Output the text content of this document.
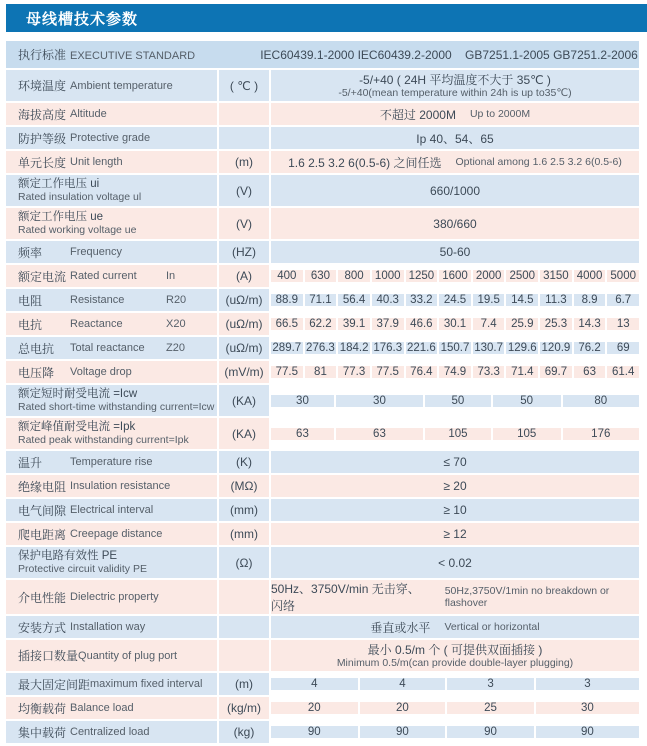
母线槽技术参数
执行标准 EXECUTIVE STANDARD	IEC60439.1-2000 IEC60439.2-2000    GB7251.1-2005 GB7251.2-2006
环境温度 Ambient temperature	( ℃ )	-5/+40 ( 24H 平均温度不大于 35℃ )
-5/+40(mean temperature within 24h is up to35℃)
海拔高度 Altitude	不超过 2000M Up to 2000M
防护等级 Protective grade	Ip 40、54、65
单元长度 Unit length	(m)	1.6 2.5 3.2 6(0.5-6) 之间任选 Optional among 1.6 2.5 3.2 6(0.5-6)
额定工作电压 ui
Rated insulation voltage ul	(V)	660/1000
额定工作电压 ue
Rated working voltage ue	(V)	380/660
频率	Frequency	(HZ)	50-60
额定电流 Rated current	In	(A)	400	630	800 1000 1250 1600 2000 2500 3150 4000 5000
电阻	Resistance	R20	(uΩ/m)	88.9 71.1 56.4 40.3 33.2 24.5 19.5 14.5	11.3	8.9	6.7
电抗	Reactance	X20	(uΩ/m)	66.5 62.2 39.1 37.9 46.6 30.1	7.4	25.9 25.3 14.3	13
总电抗	Total reactance Z20	(uΩ/m) 289.7 276.3 184.2 176.3 221.6 150.7 130.7 129.6 120.9 76.2	69
电压降	Voltage drop	(mV/m)	77.5	81	77.3 77.5 76.4 74.9 73.3 71.4 69.7	63	61.4
额定短时耐受电流 =Icw
Rated short-time withstanding current=Icw (KA)	30	30	50	50	80
额定峰值耐受电流 =Ipk
Rated peak withstanding current=Ipk	(KA)	63	63	105	105	176
温升	Temperature rise	(K)	≤ 70
绝缘电阻 Insulation resistance	(MΩ)	≥ 20
电气间隙 Electrical interval	(mm)	≥ 10
爬电距离 Creepage distance	(mm)	≥ 12
保护电路有效性 PE
Protective circuit validity PE	(Ω)	< 0.02
介电性能 Dielectric property
50Hz、3750V/min 无击穿、闪络
50Hz,3750V/1min no breakdown or flashover
安装方式 Installation way	垂直或水平 Vertical or horizontal
插接口数量 Quantity of plug port	最小 0.5/m 个 ( 可提供双面插接 )
Minimum 0.5/m(can provide double-layer plugging)
最大固定间距 maximum fixed interval	(m)	4	4	3	3
均衡载荷 Balance load	(kg/m)	20	20	25	30
集中载荷 Centralized load	(kg)	90	90	90	90
